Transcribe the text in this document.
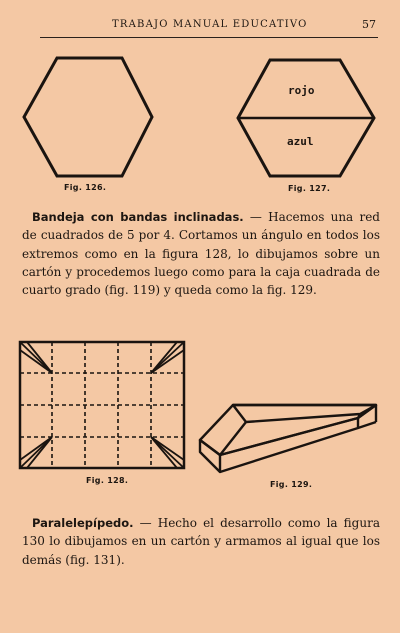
TRABAJO MANUAL EDUCATIVO	57
Fig. 126.
rojo
azul
Fig. 127.
Bandeja con bandas inclinadas. — Hacemos una red de cuadrados de 5 por 4. Cortamos un ángulo en todos los extremos como en la figura 128, lo dibujamos sobre un cartón y procedemos luego como para la caja cuadrada de cuarto grado (fig. 119) y queda como la fig. 129.
Fig. 128.	Fig. 129.
Paralelepípedo. — Hecho el desarrollo como la figura 130 lo dibujamos en un cartón y armamos al igual que los demás (fig. 131).
